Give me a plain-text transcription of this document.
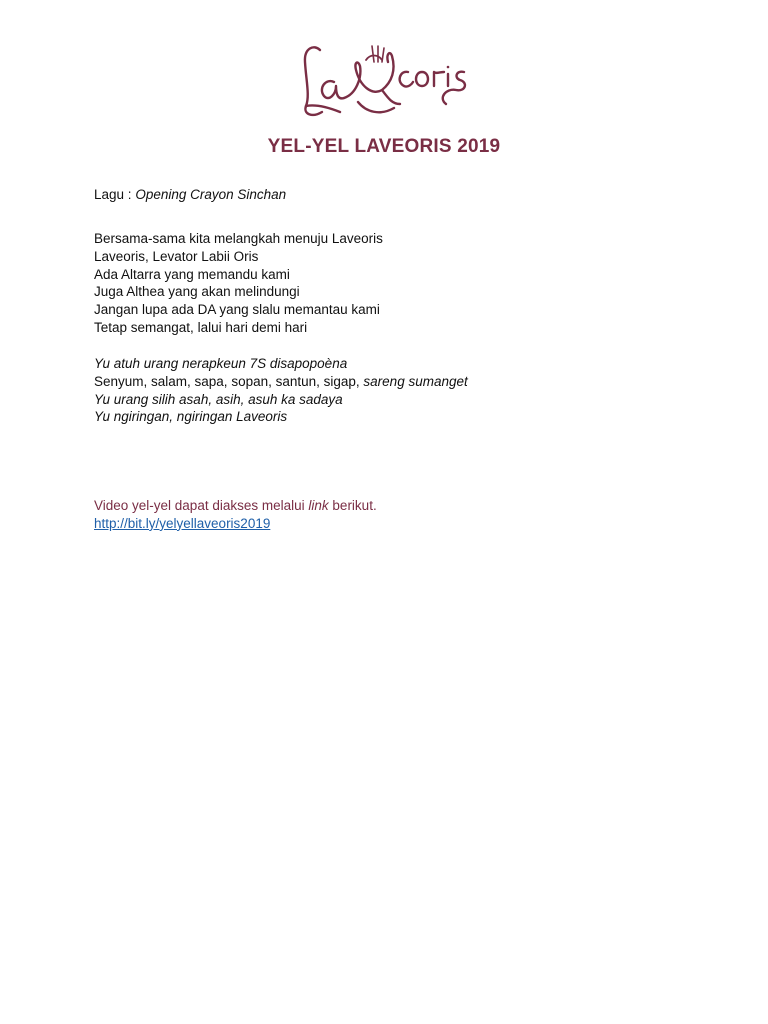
YEL-YEL LAVEORIS 2019
Lagu : Opening Crayon Sinchan
Bersama-sama kita melangkah menuju Laveoris
Laveoris, Levator Labii Oris
Ada Altarra yang memandu kami
Juga Althea yang akan melindungi
Jangan lupa ada DA yang slalu memantau kami
Tetap semangat, lalui hari demi hari
Yu atuh urang nerapkeun 7S disapopoèna
Senyum, salam, sapa, sopan, santun, sigap, sareng sumanget
Yu urang silih asah, asih, asuh ka sadaya
Yu ngiringan, ngiringan Laveoris
Video yel-yel dapat diakses melalui link berikut.
http://bit.ly/yelyellaveoris2019
